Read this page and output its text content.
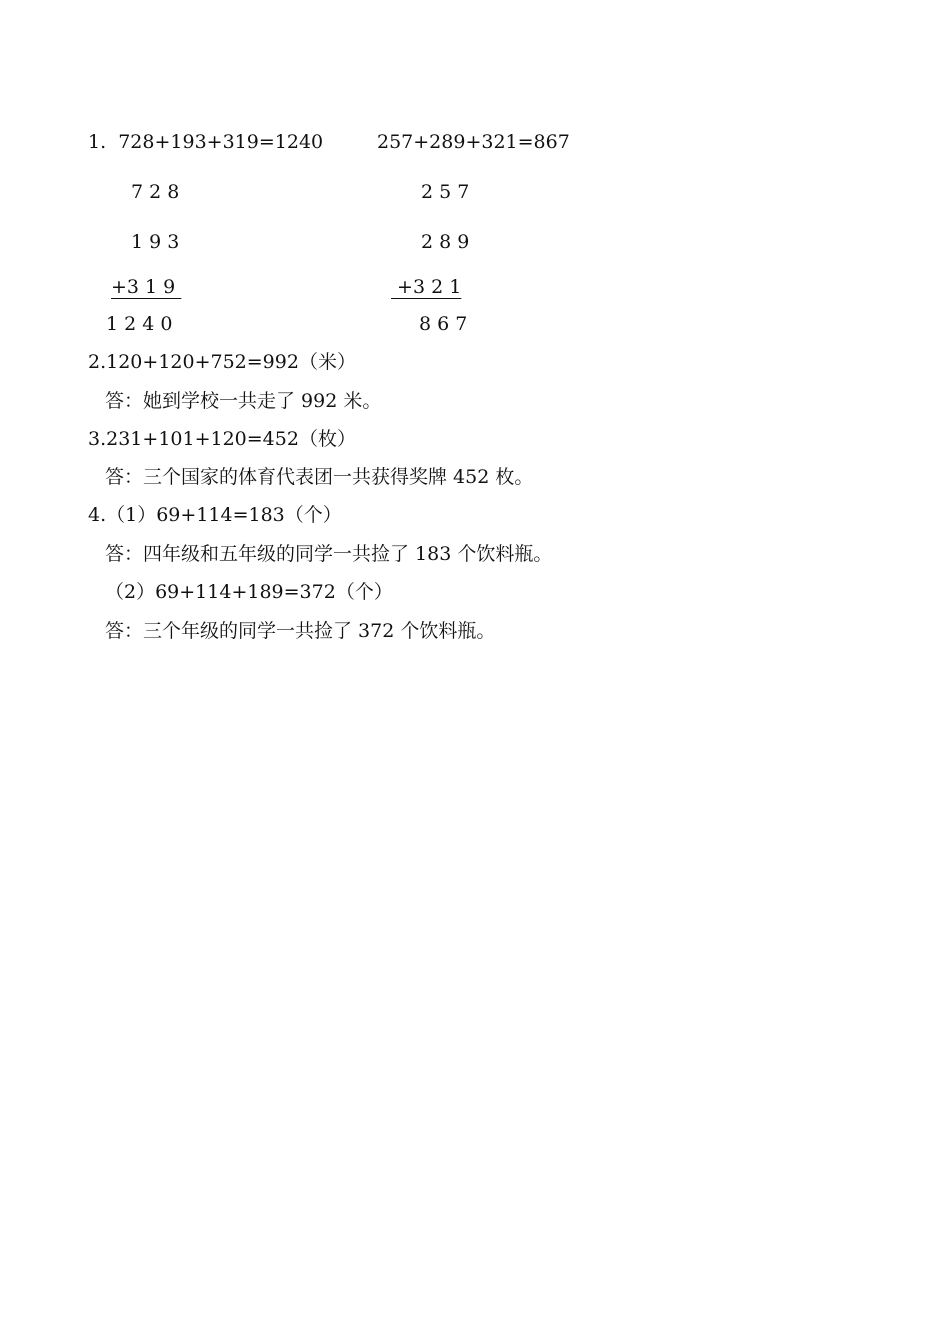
1.  728+193+319=1240	257+289+321=867
7 2 8
1 9 3
+3 1 9
1 2 4 0
2 5 7
2 8 9
+3 2 1
8 6 7
2.120+120+752=992（米）
答：她到学校一共走了 992 米。
3.231+101+120=452（枚）
答：三个国家的体育代表团一共获得奖牌 452 枚。
4.（1）69+114=183（个）
答：四年级和五年级的同学一共捡了 183 个饮料瓶。
（2）69+114+189=372（个）
答：三个年级的同学一共捡了 372 个饮料瓶。
